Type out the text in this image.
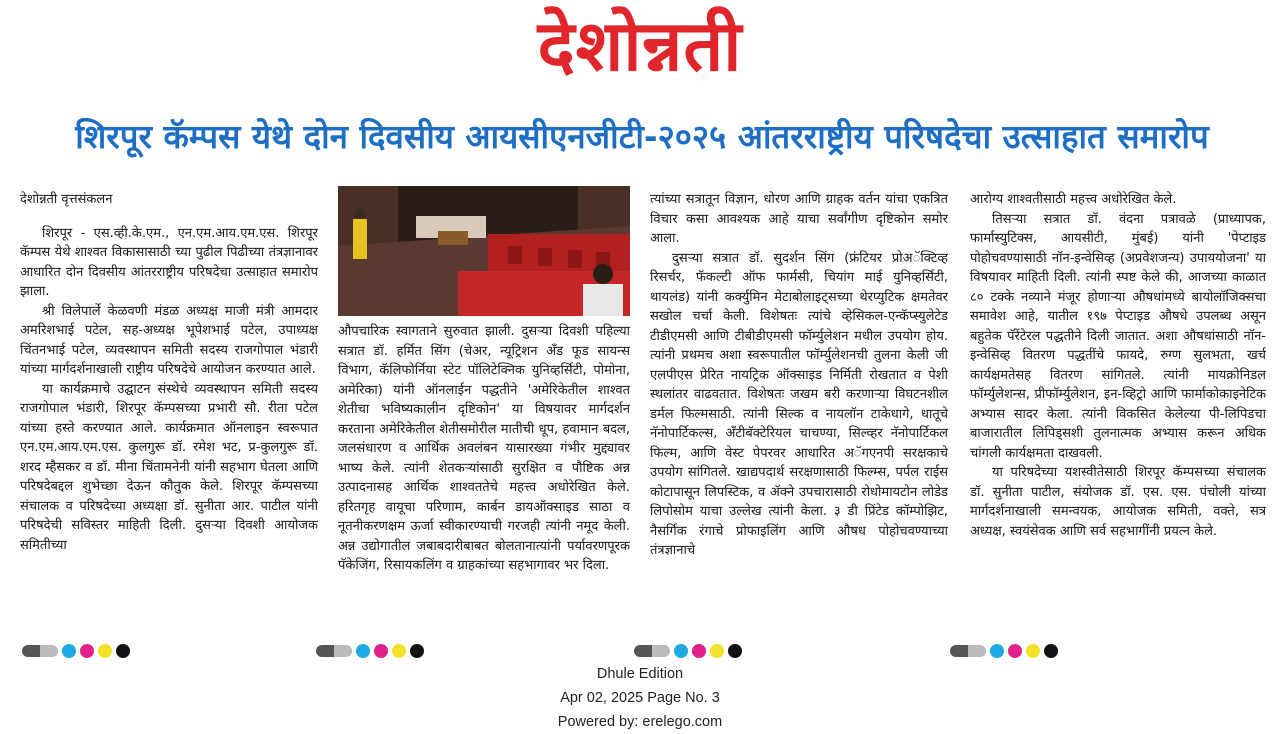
देशोन्नती
शिरपूर कॅम्पस येथे दोन दिवसीय आयसीएनजीटी-२०२५ आंतरराष्ट्रीय परिषदेचा उत्साहात समारोप

देशोन्नती वृत्तसंकलन

शिरपूर - एस.व्ही.के.एम., एन.एम.आय.एम.एस. शिरपूर कॅम्पस येथे शाश्वत विकासासाठी च्या पुढील पिढीच्या तंत्रज्ञानावर आधारित दोन दिवसीय आंतरराष्ट्रीय परिषदेचा उत्साहात समारोप झाला.

श्री विलेपार्ले केळवणी मंडळ अध्यक्ष माजी मंत्री आमदार अमरिशभाई पटेल, सह-अध्यक्ष भूपेशभाई पटेल, उपाध्यक्ष चिंतनभाई पटेल, व्यवस्थापन समिती सदस्य राजगोपाल भंडारी यांच्या मार्गदर्शनाखाली राष्ट्रीय परिषदेचे आयोजन करण्यात आले.

या कार्यक्रमाचे उद्घाटन संस्थेचे व्यवस्थापन समिती सदस्य राजगोपाल भंडारी, शिरपूर कॅम्पसच्या प्रभारी सौ. रीता पटेल यांच्या हस्ते करण्यात आले. कार्यक्रमात ऑनलाइन स्वरूपात एन.एम.आय.एम.एस. कुलगुरू डॉ. रमेश भट, प्र-कुलगुरू डॉ. शरद म्हैसकर व डॉ. मीना चिंतामनेनी यांनी सहभाग घेतला आणि परिषदेबद्दल शुभेच्छा देऊन कौतुक केले. शिरपूर कॅम्पसच्या संचालक व परिषदेच्या अध्यक्षा डॉ. सुनीता आर. पाटील यांनी परिषदेची सविस्तर माहिती दिली. दुसऱ्या दिवशी आयोजक समितीच्या

औपचारिक स्वागताने सुरुवात झाली. दुसऱ्या दिवशी पहिल्या सत्रात डॉ. हर्मित सिंग (चेअर, न्यूट्रिशन अँड फूड सायन्स विभाग, कॅलिफोर्निया स्टेट पॉलिटेक्निक युनिव्हर्सिटी, पोमोना, अमेरिका) यांनी ऑनलाईन पद्धतीने 'अमेरिकेतील शाश्वत शेतीचा भविष्यकालीन दृष्टिकोन' या विषयावर मार्गदर्शन करताना अमेरिकेतील शेतीसमोरील मातीची धूप, हवामान बदल, जलसंधारण व आर्थिक अवलंबन यासारख्या गंभीर मुद्द्यावर भाष्य केले. त्यांनी शेतकऱ्यांसाठी सुरक्षित व पौष्टिक अन्न उत्पादनासह आर्थिक शाश्वततेचे महत्त्व अधोरेखित केले. हरितगृह वायूचा परिणाम, कार्बन डायऑक्साइड साठा व नूतनीकरणक्षम ऊर्जा स्वीकारण्याची गरजही त्यांनी नमूद केली. अन्न उद्योगातील जबाबदारीबाबत बोलतानात्यांनी पर्यावरणपूरक पॅकेजिंग, रिसायकलिंग व ग्राहकांच्या सहभागावर भर दिला.

त्यांच्या सत्रातून विज्ञान, धोरण आणि ग्राहक वर्तन यांचा एकत्रित विचार कसा आवश्यक आहे याचा सर्वांगीण दृष्टिकोन समोर आला.

दुसऱ्या सत्रात डॉ. सुदर्शन सिंग (फ्रंटियर प्रोअॅक्टिव्ह रिसर्चर, फॅकल्टी ऑफ फार्मसी, चियांग माई युनिव्हर्सिटी, थायलंड) यांनी कर्क्युमिन मेटाबोलाइट्सच्या थेरप्युटिक क्षमतेवर सखोल चर्चा केली. विशेषतः त्यांचे व्हेसिकल-एन्कॅप्स्युलेटेड टीडीएमसी आणि टीबीडीएमसी फॉर्म्युलेशन मधील उपयोग होय. त्यांनी प्रथमच अशा स्वरूपातील फॉर्म्युलेशनची तुलना केली जी एलपीएस प्रेरित नायट्रिक ऑक्साइड निर्मिती रोखतात व पेशी स्थलांतर वाढवतात. विशेषतः जखम बरी करणाऱ्या विघटनशील डर्मल फिल्मसाठी. त्यांनी सिल्क व नायलॉन टाकेधागे, धातूचे नॅनोपार्टिकल्स, अँटीबॅक्टेरियल चाचण्या, सिल्व्हर नॅनोपार्टिकल फिल्म, आणि वेस्ट पेपरवर आधारित अॅगएनपी सरक्षकाचे उपयोग सांगितले. खाद्यपदार्थ सरक्षणासाठी फिल्म्स, पर्पल राईस कोटापासून लिपस्टिक, व ॲक्ने उपचारासाठी रोधोमायटोन लोडेड लिपोसोम याचा उल्लेख त्यांनी केला. ३ डी प्रिंटेड कॉम्पोझिट, नैसर्गिक रंगाचे प्रोफाइलिंग आणि औषध पोहोचवण्याच्या तंत्रज्ञानाचे

आरोग्य शाश्वतीसाठी महत्त्व अधोरेखित केले.

तिसऱ्या सत्रात डॉ. वंदना पत्रावळे (प्राध्यापक, फार्मास्युटिक्स, आयसीटी, मुंबई) यांनी 'पेप्टाइड पोहोचवण्यासाठी नॉन-इन्वेसिव्ह (अप्रवेशजन्य) उपाययोजना' या विषयावर माहिती दिली. त्यांनी स्पष्ट केले की, आजच्या काळात ८० टक्के नव्याने मंजूर होणाऱ्या औषधांमध्ये बायोलॉजिक्सचा समावेश आहे, यातील १९७ पेप्टाइड औषधे उपलब्ध असून बहुतेक पॅरेंटेरल पद्धतीने दिली जातात. अशा औषधांसाठी नॉन-इन्वेसिव्ह वितरण पद्धतींचे फायदे, रुग्ण सुलभता, खर्च कार्यक्षमतेसह वितरण सांगितले. त्यांनी मायक्रोनिडल फॉर्म्युलेशन्स, प्रीफॉर्म्युलेशन, इन-व्हिट्रो आणि फार्माकोकाइनेटिक अभ्यास सादर केला. त्यांनी विकसित केलेल्या पी-लिपिडचा बाजारातील लिपिड्सशी तुलनात्मक अभ्यास करून अधिक चांगली कार्यक्षमता दाखवली.

या परिषदेच्या यशस्वीतेसाठी शिरपूर कॅम्पसच्या संचालक डॉ. सुनीता पाटील, संयोजक डॉ. एस. एस. पंचोली यांच्या मार्गदर्शनाखाली समन्वयक, आयोजक समिती, वक्ते, सत्र अध्यक्ष, स्वयंसेवक आणि सर्व सहभागींनी प्रयत्न केले.

Dhule Edition
Apr 02, 2025 Page No. 3
Powered by: erelego.com
